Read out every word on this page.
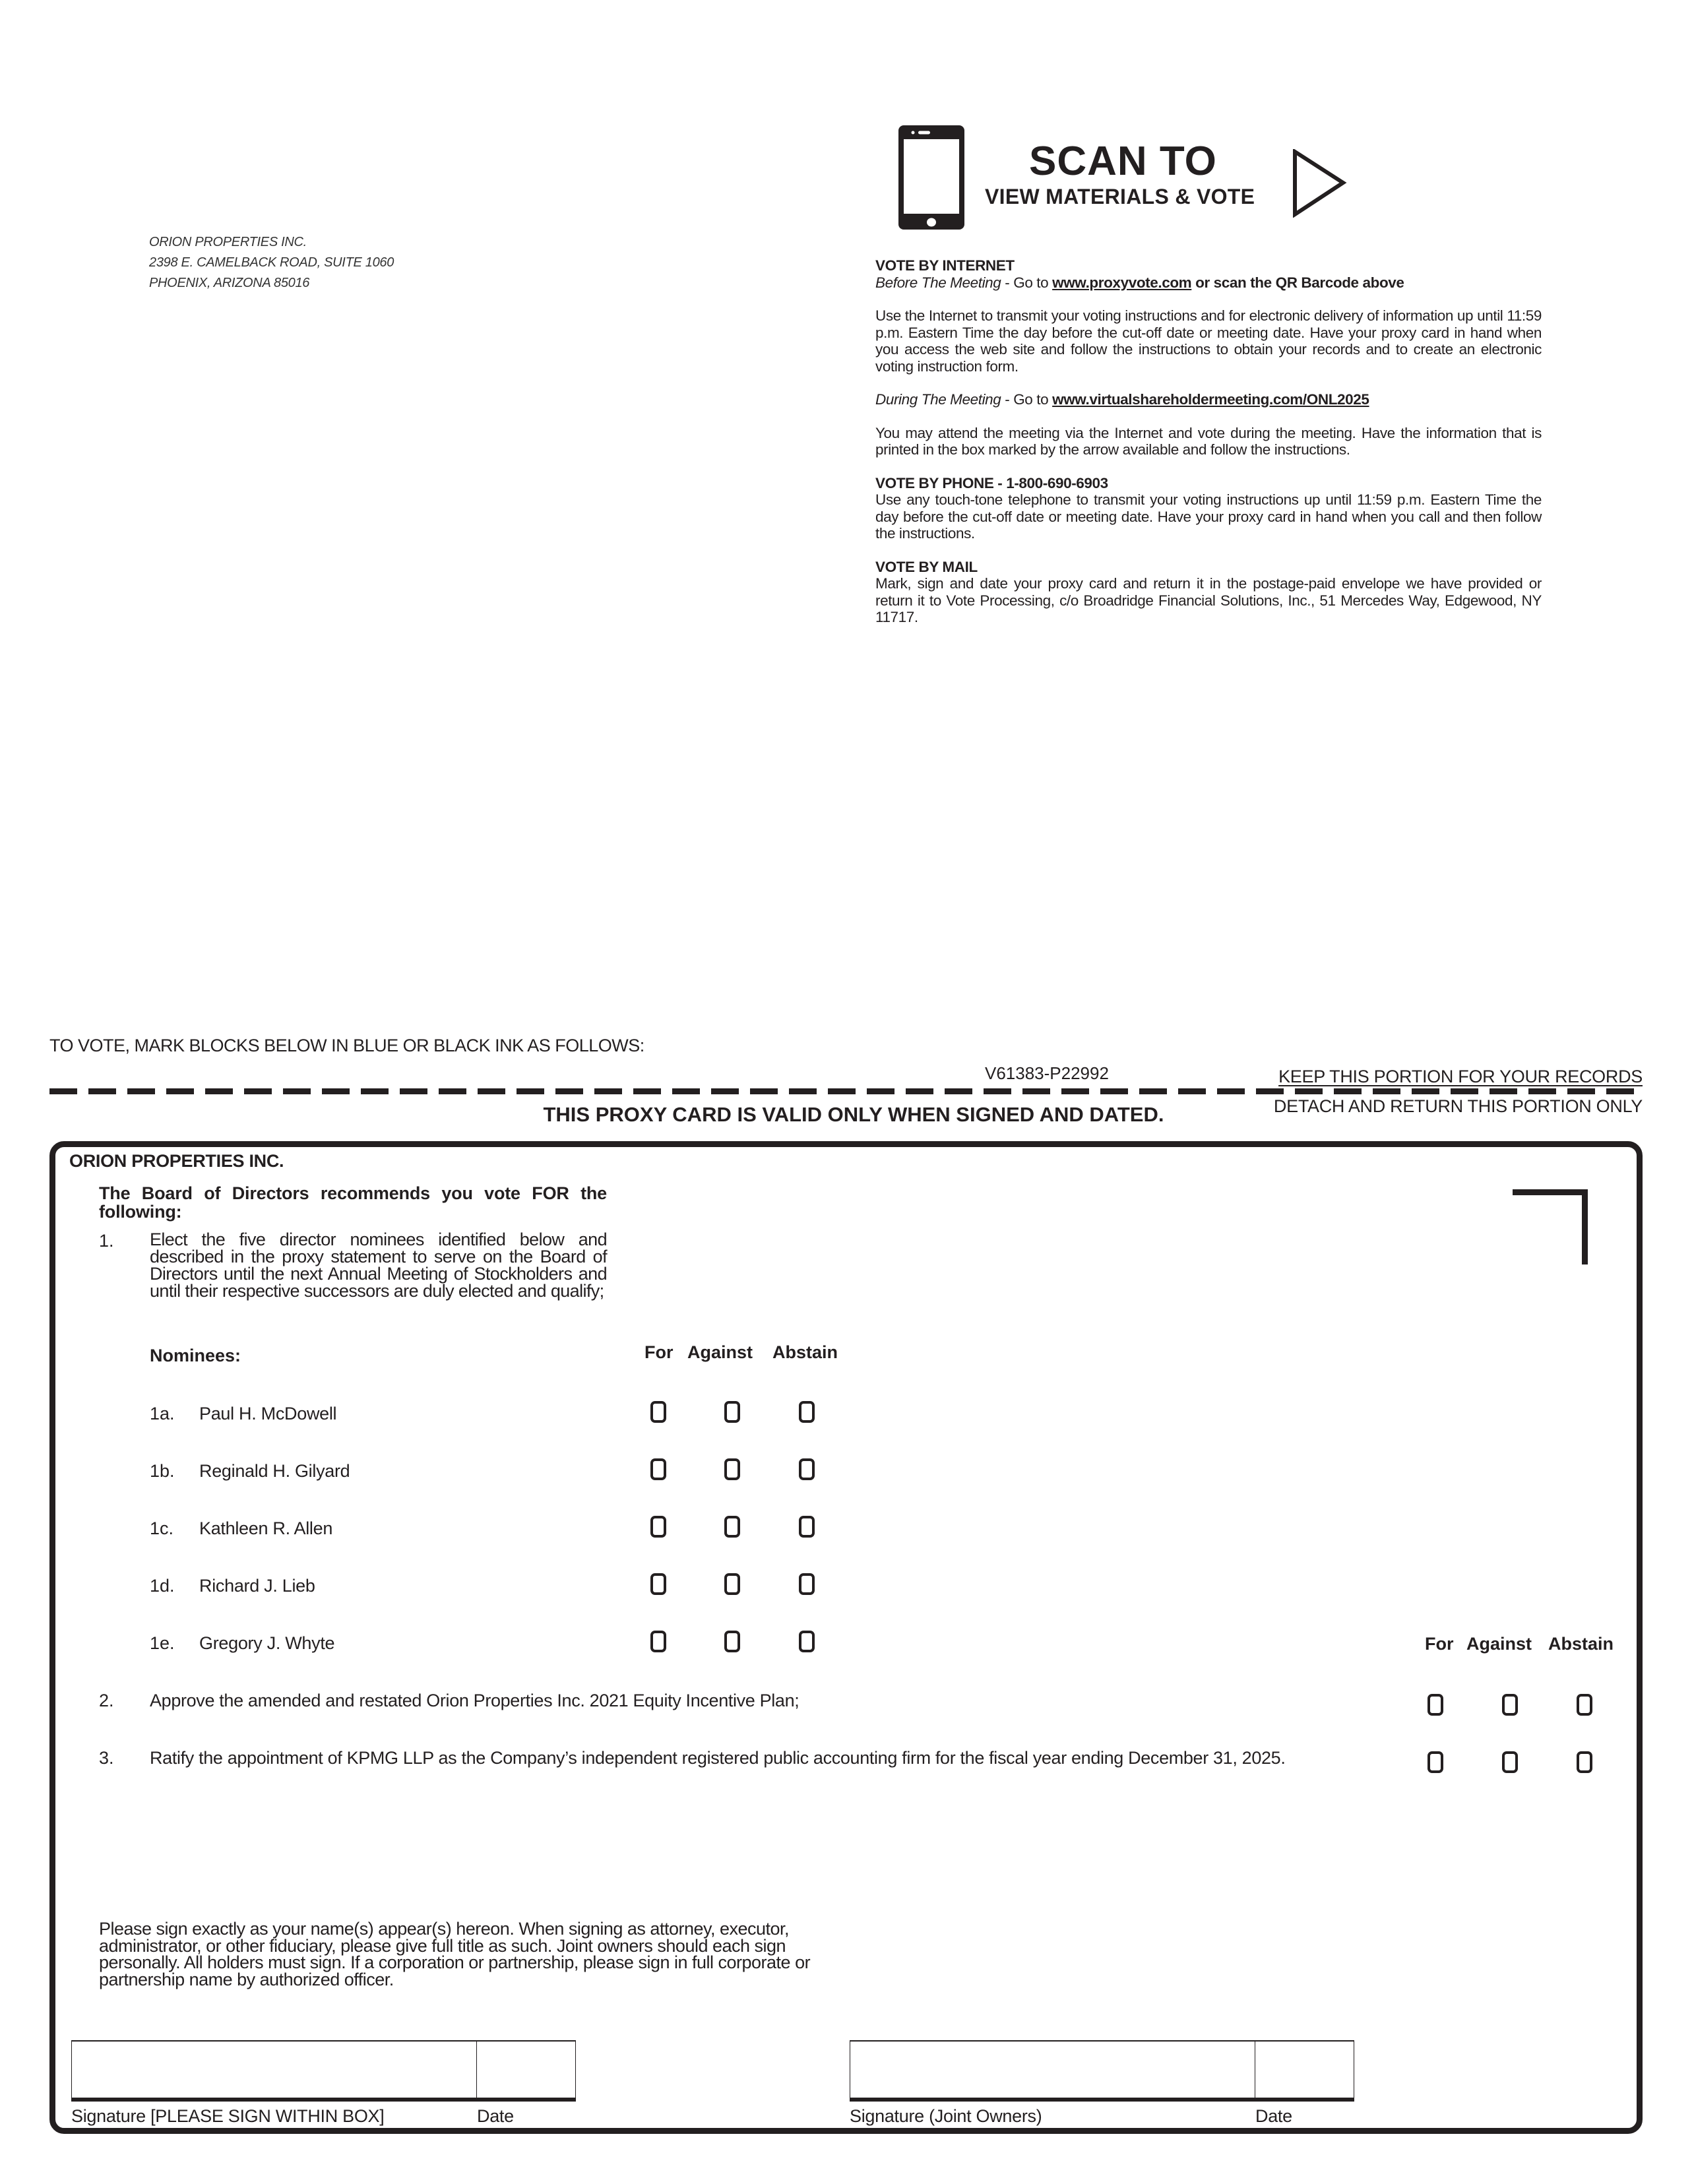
ORION PROPERTIES INC.
2398 E. CAMELBACK ROAD, SUITE 1060
PHOENIX, ARIZONA 85016
SCAN TO
VIEW MATERIALS & VOTE

VOTE BY INTERNET

Before The Meeting - Go to www.proxyvote.com or scan the QR Barcode above

Use the Internet to transmit your voting instructions and for electronic delivery of information up until 11:59 p.m. Eastern Time the day before the cut-off date or meeting date. Have your proxy card in hand when you access the web site and follow the instructions to obtain your records and to create an electronic voting instruction form.

During The Meeting - Go to www.virtualshareholdermeeting.com/ONL2025

You may attend the meeting via the Internet and vote during the meeting. Have the information that is printed in the box marked by the arrow available and follow the instructions.

VOTE BY PHONE - 1-800-690-6903

Use any touch-tone telephone to transmit your voting instructions up until 11:59 p.m. Eastern Time the day before the cut-off date or meeting date. Have your proxy card in hand when you call and then follow the instructions.

VOTE BY MAIL

Mark, sign and date your proxy card and return it in the postage-paid envelope we have provided or return it to Vote Processing, c/o Broadridge Financial Solutions, Inc., 51 Mercedes Way, Edgewood, NY 11717.

TO VOTE, MARK BLOCKS BELOW IN BLUE OR BLACK INK AS FOLLOWS:
V61383-P22992	KEEP THIS PORTION FOR YOUR RECORDS
DETACH AND RETURN THIS PORTION ONLY
THIS PROXY CARD IS VALID ONLY WHEN SIGNED AND DATED.
ORION PROPERTIES INC.
The Board of Directors recommends you vote FOR the following:
1. Elect the five director nominees identified below and described in the proxy statement to serve on the Board of Directors until the next Annual Meeting of Stockholders and until their respective successors are duly elected and qualify;
Nominees:	For Against Abstain
1a. Paul H. McDowell
1b. Reginald H. Gilyard
1c. Kathleen R. Allen
1d. Richard J. Lieb
1e. Gregory J. Whyte	For Against Abstain
2. Approve the amended and restated Orion Properties Inc. 2021 Equity Incentive Plan;
3. Ratify the appointment of KPMG LLP as the Company’s independent registered public accounting firm for the fiscal year ending December 31, 2025.
Please sign exactly as your name(s) appear(s) hereon. When signing as attorney, executor, administrator, or other fiduciary, please give full title as such. Joint owners should each sign personally. All holders must sign. If a corporation or partnership, please sign in full corporate or partnership name by authorized officer.
Signature [PLEASE SIGN WITHIN BOX]	Date	Signature (Joint Owners)	Date
